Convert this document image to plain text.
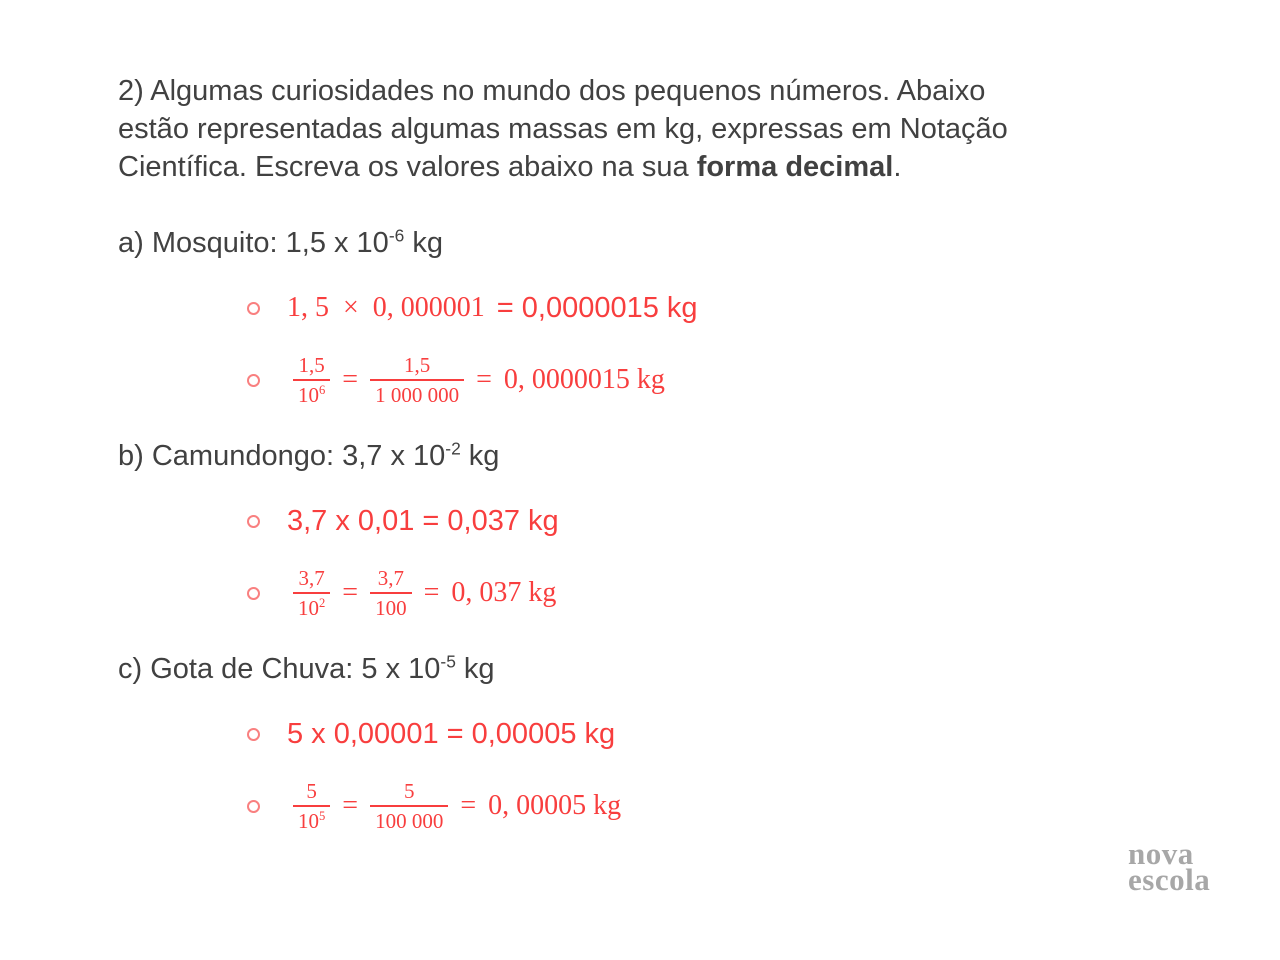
2) Algumas curiosidades no mundo dos pequenos números. Abaixo
estão representadas algumas massas em kg, expressas em Notação
Científica. Escreva os valores abaixo na sua forma decimal.

a) Mosquito: 1,5 x $10^{-6}$ kg

1, 5  ×  0, 000001 = 0,0000015 kg
$\frac{1,5}{10^6} = \frac{1,5}{1 000 000} = 0$, 0000015 kg

b) Camundongo: 3,7 x $10^{-2}$ kg

3,7 x 0,01 = 0,037 kg
$\frac{3,7}{10^2} = \frac{3,7}{100} = 0$, 037 kg

c) Gota de Chuva: 5 x $10^{-5}$ kg

5 x 0,00001 = 0,00005 kg
$\frac{5}{10^5} = \frac{5}{100 000} = 0$, 00005 kg
nova
escola
